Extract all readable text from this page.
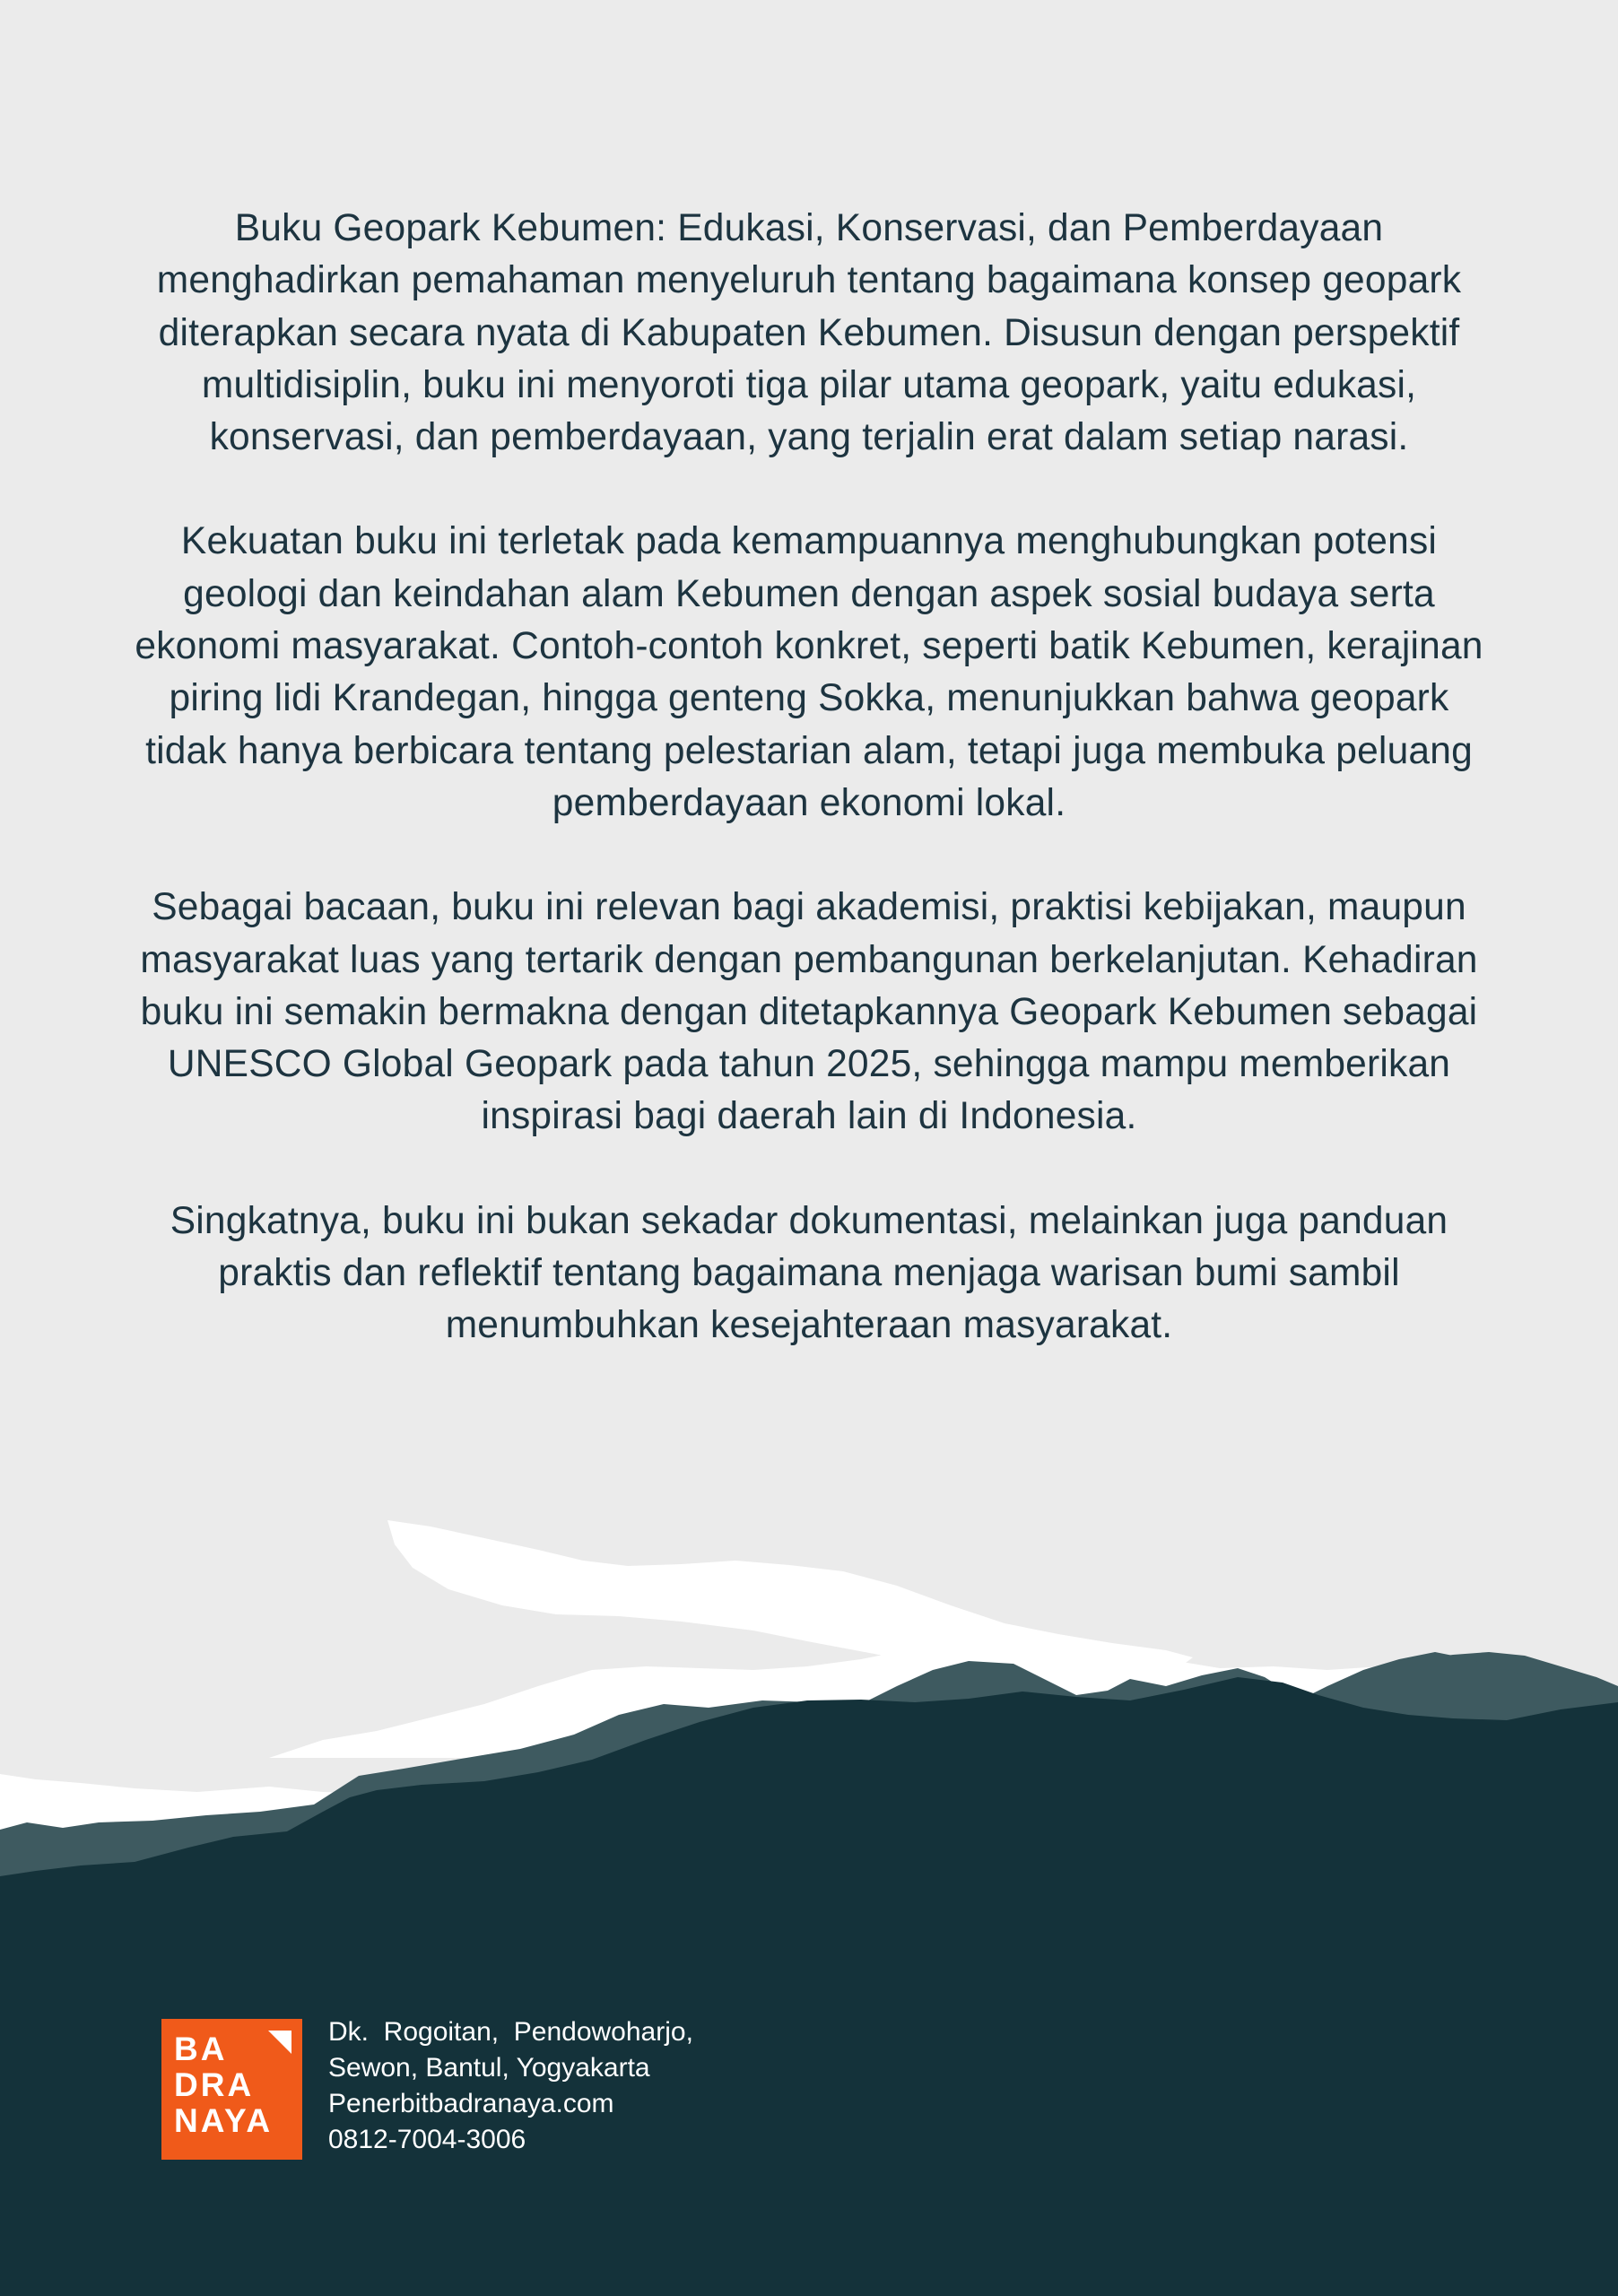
Buku Geopark Kebumen: Edukasi, Konservasi, dan Pemberdayaan menghadirkan pemahaman menyeluruh tentang bagaimana konsep geopark diterapkan secara nyata di Kabupaten Kebumen. Disusun dengan perspektif multidisiplin, buku ini menyoroti tiga pilar utama geopark, yaitu edukasi, konservasi, dan pemberdayaan, yang terjalin erat dalam setiap narasi.

Kekuatan buku ini terletak pada kemampuannya menghubungkan potensi geologi dan keindahan alam Kebumen dengan aspek sosial budaya serta ekonomi masyarakat. Contoh-contoh konkret, seperti batik Kebumen, kerajinan piring lidi Krandegan, hingga genteng Sokka, menunjukkan bahwa geopark tidak hanya berbicara tentang pelestarian alam, tetapi juga membuka peluang pemberdayaan ekonomi lokal.

Sebagai bacaan, buku ini relevan bagi akademisi, praktisi kebijakan, maupun masyarakat luas yang tertarik dengan pembangunan berkelanjutan. Kehadiran buku ini semakin bermakna dengan ditetapkannya Geopark Kebumen sebagai UNESCO Global Geopark pada tahun 2025, sehingga mampu memberikan inspirasi bagi daerah lain di Indonesia.

Singkatnya, buku ini bukan sekadar dokumentasi, melainkan juga panduan praktis dan reflektif tentang bagaimana menjaga warisan bumi sambil menumbuhkan kesejahteraan masyarakat.

BA
DRA
NAYA
Dk.  Rogoitan,  Pendowoharjo,
Sewon, Bantul, Yogyakarta
Penerbitbadranaya.com
0812-7004-3006
